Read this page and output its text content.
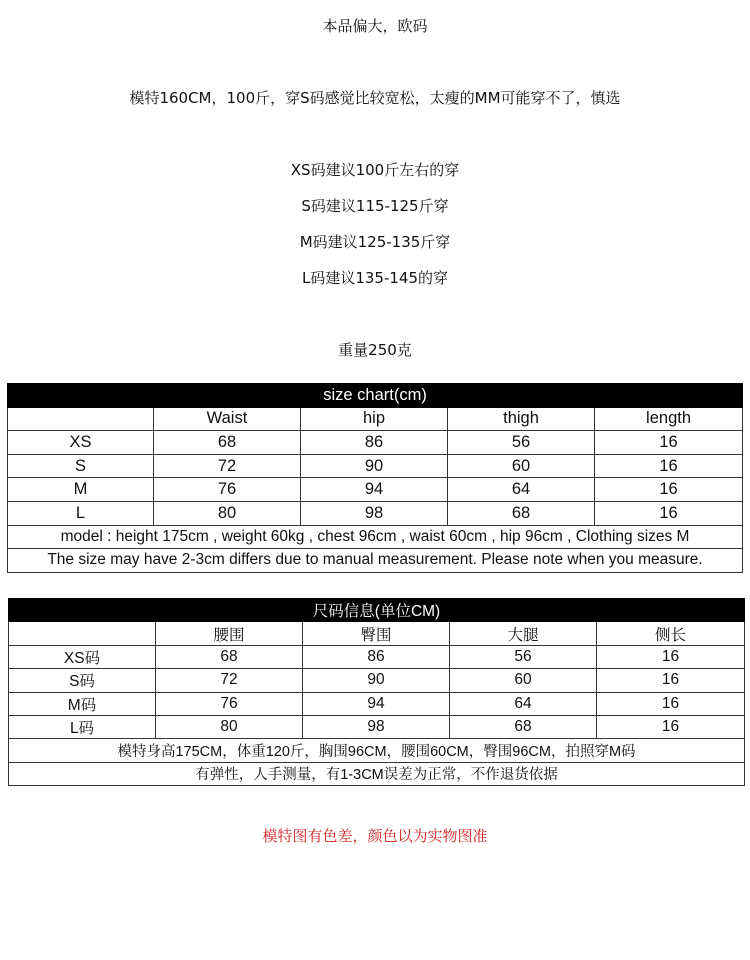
本品偏大，欧码
模特160CM，100斤，穿S码感觉比较宽松，太瘦的MM可能穿不了，慎选
XS码建议100斤左右的穿
S码建议115-125斤穿
M码建议125-135斤穿
L码建议135-145的穿
重量250克
size chart(cm)				
	Waist	hip	thigh	length
XS	68	86	56	16
S	72	90	60	16
M	76	94	64	16
L	80	98	68	16
model : height 175cm , weight 60kg , chest 96cm , waist 60cm , hip 96cm , Clothing sizes M				
The size may have 2-3cm differs due to manual measurement. Please note when you measure.				
尺码信息(单位CM)				
	腰围	臀围	大腿	侧长
XS码	68	86	56	16
S码	72	90	60	16
M码	76	94	64	16
L码	80	98	68	16
模特身高175CM，体重120斤，胸围96CM，腰围60CM，臀围96CM，拍照穿M码				
有弹性，人手测量，有1-3CM误差为正常，不作退货依据				
模特图有色差，颜色以为实物图准
